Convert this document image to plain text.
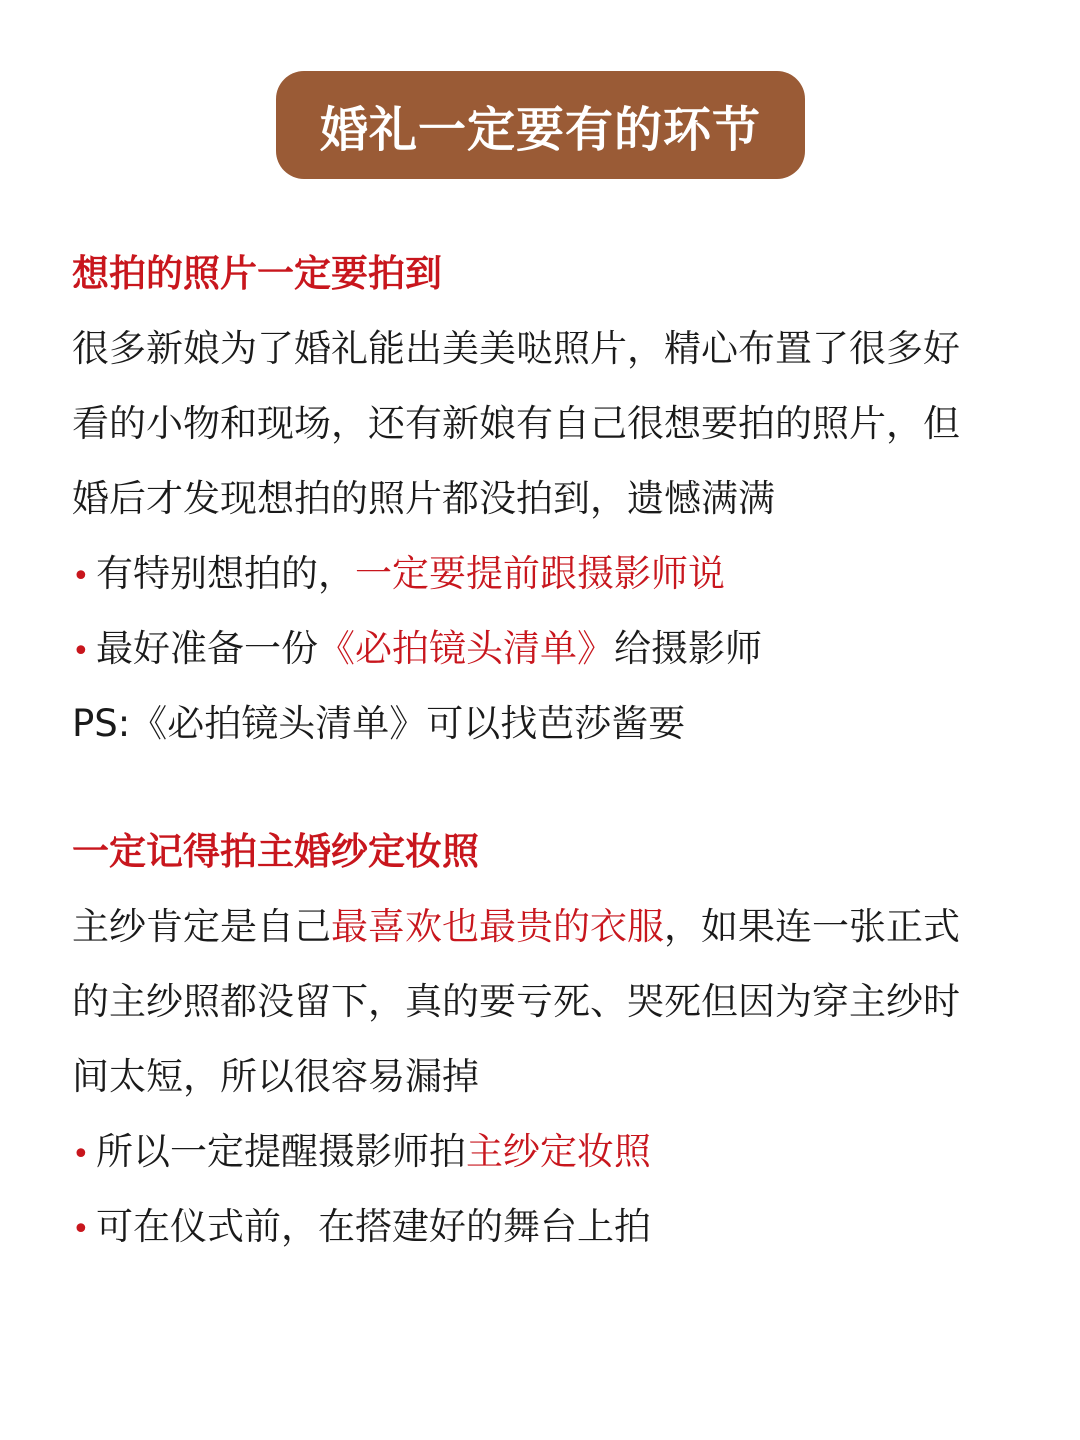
婚礼一定要有的环节
想拍的照片一定要拍到
很多新娘为了婚礼能出美美哒照片，精心布置了很多好
看的小物和现场，还有新娘有自己很想要拍的照片，但
婚后才发现想拍的照片都没拍到，遗憾满满
• 有特别想拍的，一定要提前跟摄影师说
• 最好准备一份《必拍镜头清单》给摄影师
PS:《必拍镜头清单》可以找芭莎酱要
一定记得拍主婚纱定妆照
主纱肯定是自己最喜欢也最贵的衣服，如果连一张正式
的主纱照都没留下，真的要亏死、哭死但因为穿主纱时
间太短，所以很容易漏掉
• 所以一定提醒摄影师拍主纱定妆照
• 可在仪式前，在搭建好的舞台上拍
